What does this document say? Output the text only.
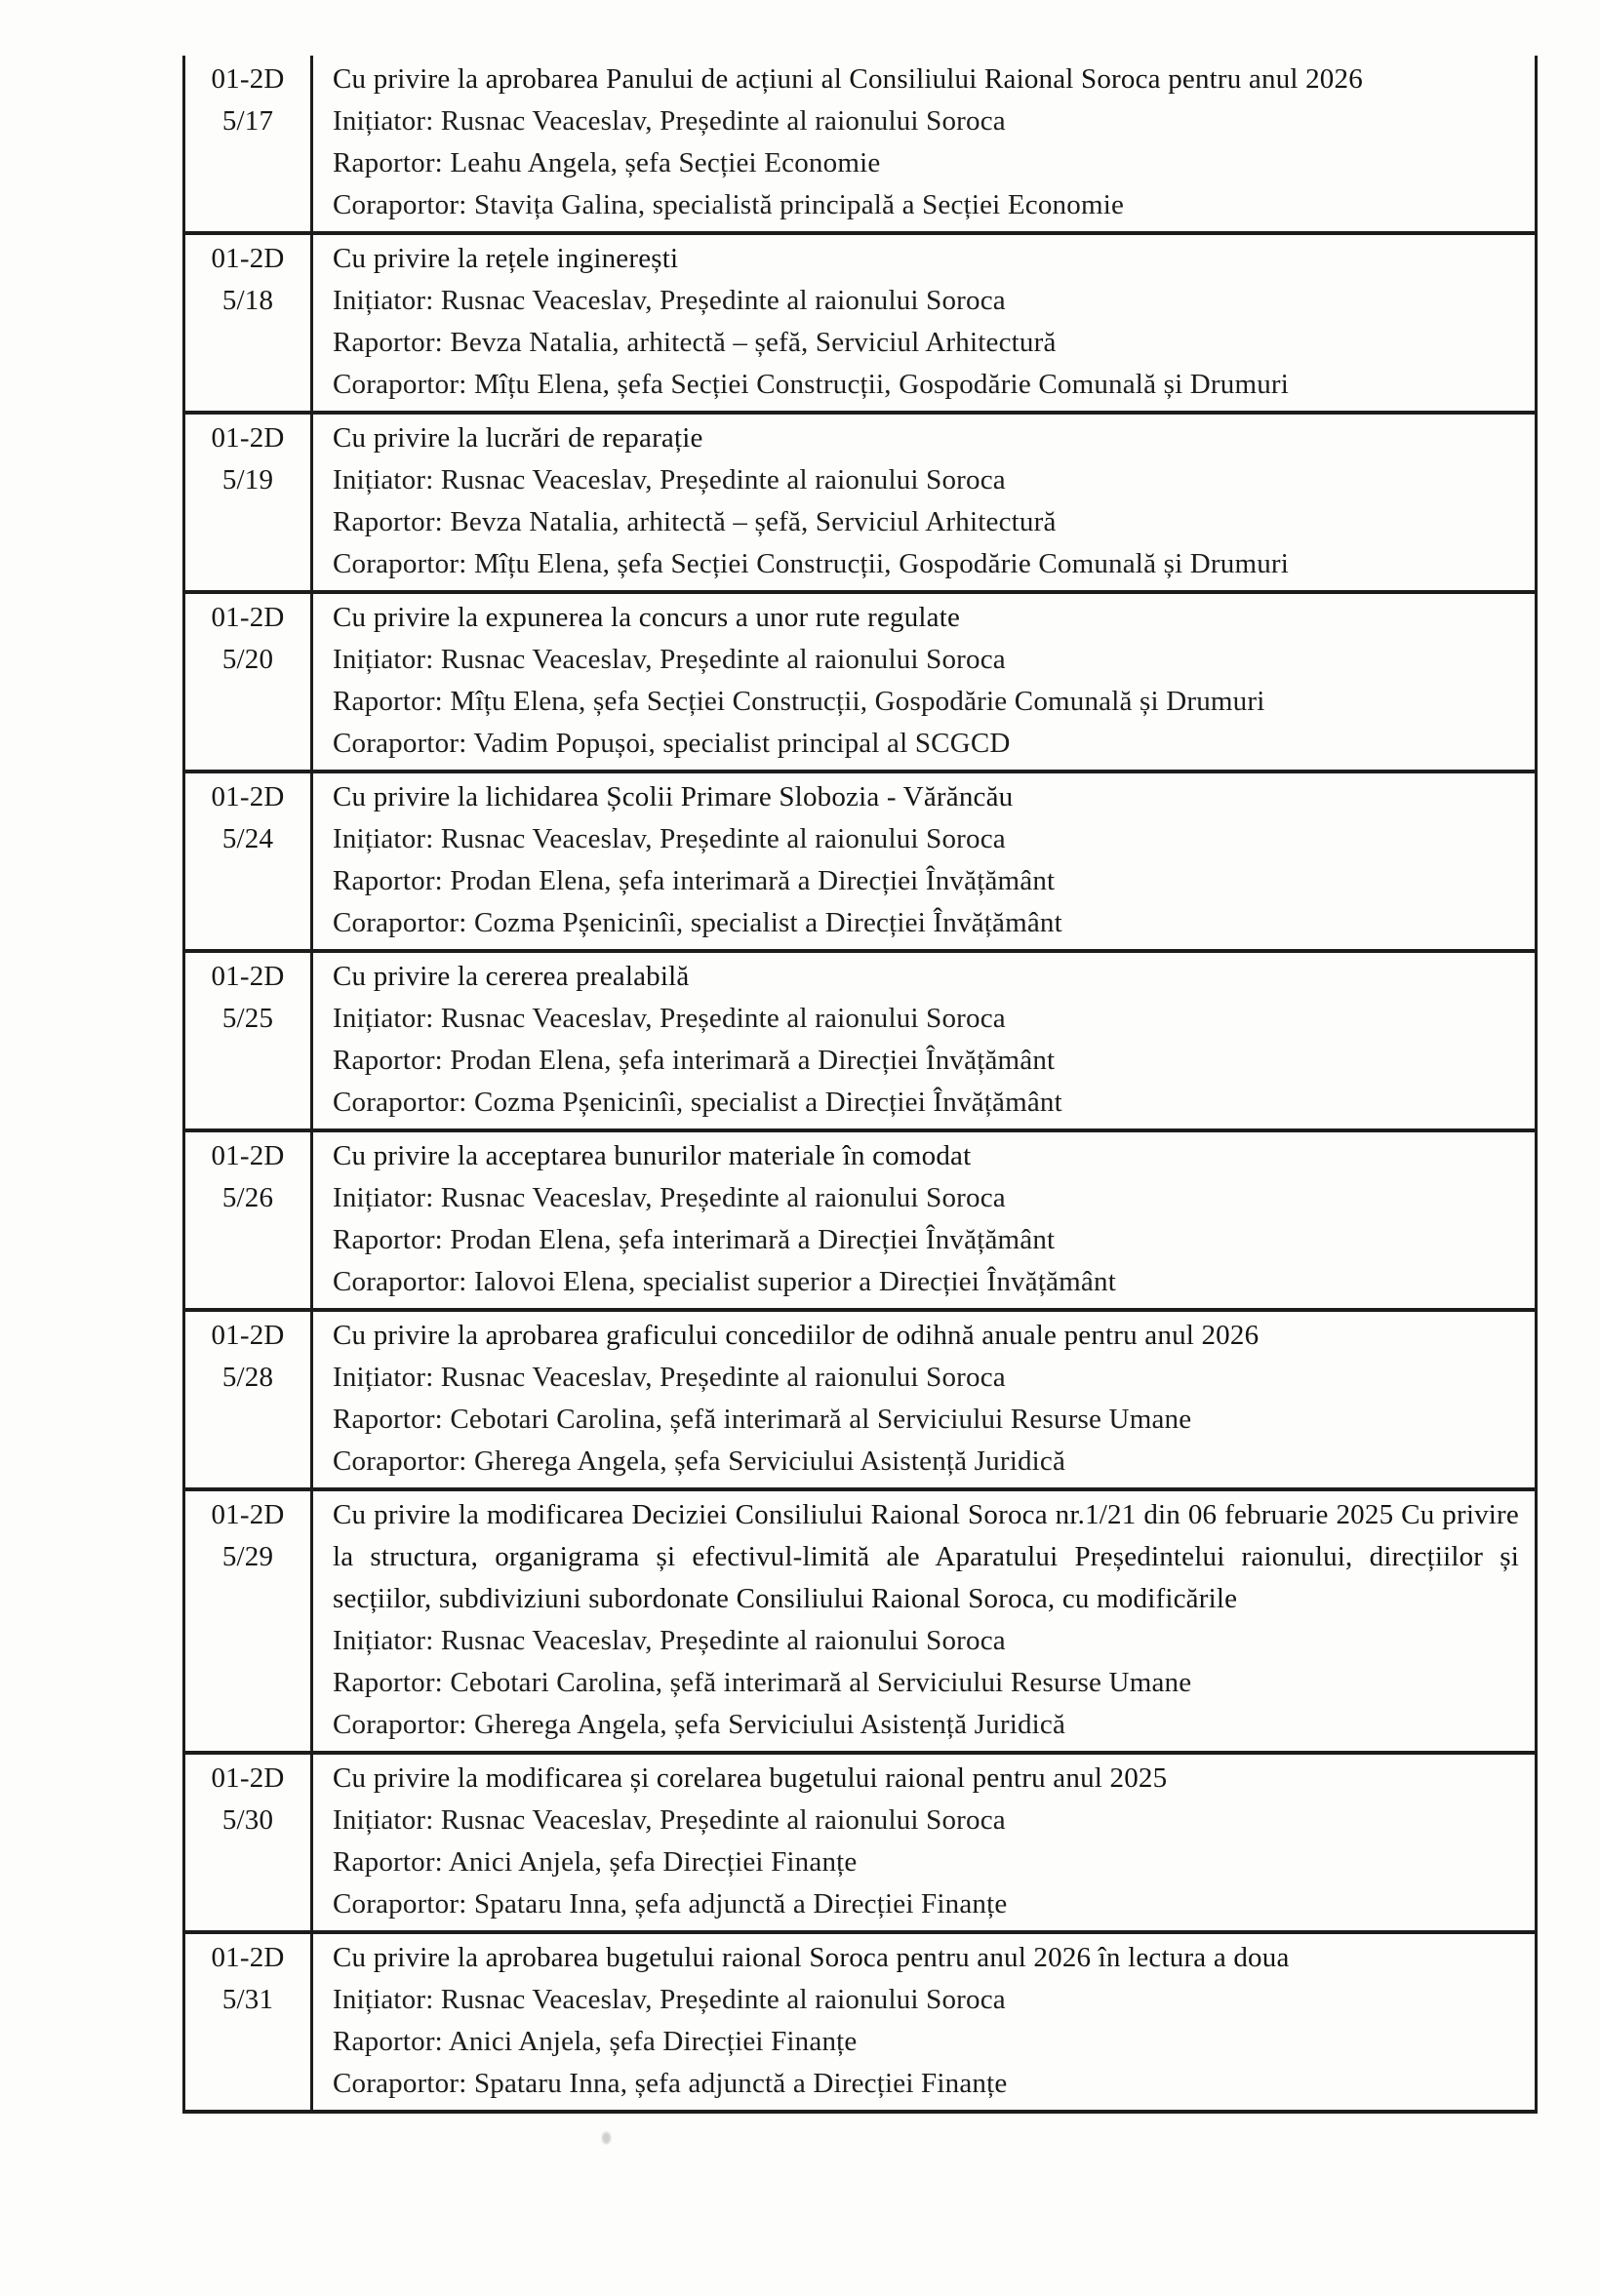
01-2D
5/17

Cu privire la aprobarea Panului de acțiuni al Consiliului Raional Soroca pentru anul 2026

Inițiator: Rusnac Veaceslav, Președinte al raionului Soroca

Raportor: Leahu Angela, șefa Secției Economie

Coraportor: Stavița Galina, specialistă principală a Secției Economie

01-2D
5/18

Cu privire la rețele inginerești

Inițiator: Rusnac Veaceslav, Președinte al raionului Soroca

Raportor: Bevza Natalia, arhitectă – șefă, Serviciul Arhitectură

Coraportor: Mîțu Elena, șefa Secției Construcții, Gospodărie Comunală și Drumuri

01-2D
5/19

Cu privire la lucrări de reparație

Inițiator: Rusnac Veaceslav, Președinte al raionului Soroca

Raportor: Bevza Natalia, arhitectă – șefă, Serviciul Arhitectură

Coraportor: Mîțu Elena, șefa Secției Construcții, Gospodărie Comunală și Drumuri

01-2D
5/20

Cu privire la expunerea la concurs a unor rute regulate

Inițiator: Rusnac Veaceslav, Președinte al raionului Soroca

Raportor: Mîțu Elena, șefa Secției Construcții, Gospodărie Comunală și Drumuri

Coraportor: Vadim Popușoi, specialist principal al SCGCD

01-2D
5/24

Cu privire la lichidarea Școlii Primare Slobozia - Vărăncău

Inițiator: Rusnac Veaceslav, Președinte al raionului Soroca

Raportor: Prodan Elena, șefa interimară a Direcției Învățământ

Coraportor: Cozma Pșenicinîi, specialist a Direcției Învățământ

01-2D
5/25

Cu privire la cererea prealabilă

Inițiator: Rusnac Veaceslav, Președinte al raionului Soroca

Raportor: Prodan Elena, șefa interimară a Direcției Învățământ

Coraportor: Cozma Pșenicinîi, specialist a Direcției Învățământ

01-2D
5/26

Cu privire la acceptarea bunurilor materiale în comodat

Inițiator: Rusnac Veaceslav, Președinte al raionului Soroca

Raportor: Prodan Elena, șefa interimară a Direcției Învățământ

Coraportor: Ialovoi Elena, specialist superior a Direcției Învățământ

01-2D
5/28

Cu privire la aprobarea graficului concediilor de odihnă anuale pentru anul 2026

Inițiator: Rusnac Veaceslav, Președinte al raionului Soroca

Raportor: Cebotari Carolina, șefă interimară al Serviciului Resurse Umane

Coraportor: Gherega Angela, șefa Serviciului Asistență Juridică

01-2D
5/29

Cu privire la modificarea Deciziei Consiliului Raional Soroca nr.1/21 din 06 februarie 2025 Cu privire la structura, organigrama și efectivul-limită ale Aparatului Președintelui raionului, direcțiilor și secțiilor, subdiviziuni subordonate Consiliului Raional Soroca, cu modificările

Inițiator: Rusnac Veaceslav, Președinte al raionului Soroca

Raportor: Cebotari Carolina, șefă interimară al Serviciului Resurse Umane

Coraportor: Gherega Angela, șefa Serviciului Asistență Juridică

01-2D
5/30

Cu privire la modificarea și corelarea bugetului raional pentru anul 2025

Inițiator: Rusnac Veaceslav, Președinte al raionului Soroca

Raportor: Anici Anjela, șefa Direcției Finanțe

Coraportor: Spataru Inna, șefa adjunctă a Direcției Finanțe

01-2D
5/31

Cu privire la aprobarea bugetului raional Soroca pentru anul 2026 în lectura a doua

Inițiator: Rusnac Veaceslav, Președinte al raionului Soroca

Raportor: Anici Anjela, șefa Direcției Finanțe

Coraportor: Spataru Inna, șefa adjunctă a Direcției Finanțe
